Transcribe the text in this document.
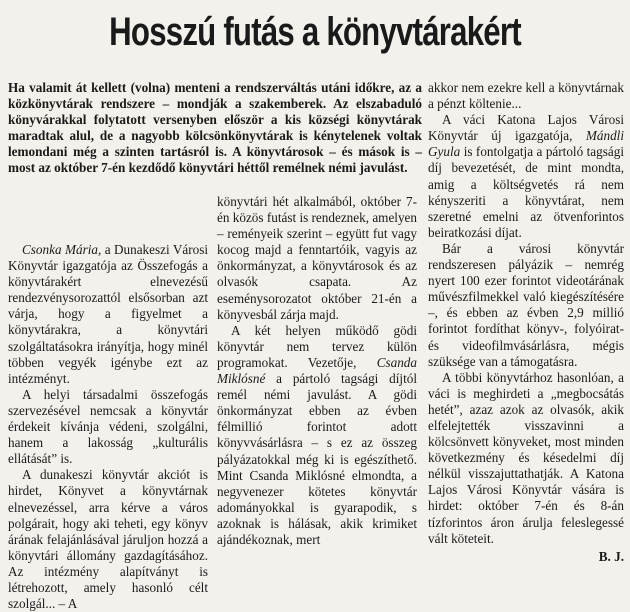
Hosszú futás a könyvtárakért
Ha valamit át kellett (volna) menteni a rendszerváltás utáni időkre, az a közkönyvtárak rendszere – mondják a szakemberek. Az elszabaduló könyvárakkal folytatott versenyben először a kis községi könyvtárak maradtak alul, de a nagyobb kölcsönkönyvtárak is kénytelenek voltak lemondani még a szinten tartásról is. A könyvtárosok – és mások is – most az október 7-én kezdődő könyvtári héttől remélnek némi javulást.

Csonka Mária, a Dunakeszi Városi Könyvtár igazgatója az Összefogás a könyvtárakért elnevezésű rendezvénysorozattól elsősorban azt várja, hogy a figyelmet a könyvtárakra, a könyvtári szolgáltatásokra irányítja, hogy minél többen vegyék igénybe ezt az intézményt.

A helyi társadalmi összefogás szervezésével nemcsak a könyvtár érdekeit kívánja védeni, szolgálni, hanem a lakosság „kulturális ellátását” is.

A dunakeszi könyvtár akciót is hirdet, Könyvet a könyvtárnak elnevezéssel, arra kérve a város polgárait, hogy aki teheti, egy könyv árának felajánlásával járuljon hozzá a könyvtári állomány gazdagításához. Az intézmény alapítványt is létrehozott, amely hasonló célt szolgál... – A

könyvtári hét alkalmából, október 7-én közös futást is rendeznek, amelyen – reményeik szerint – együtt fut vagy kocog majd a fenntartóik, vagyis az önkormányzat, a könyvtárosok és az olvasók csapata. Az eseménysorozatot október 21-én a könyvesbál zárja majd.

A két helyen működő gödi könyvtár nem tervez külön programokat. Vezetője, Csanda Miklósné a pártoló tagsági díjtól remél némi javulást. A gödi önkormányzat ebben az évben félmillió forintot adott könyvvásárlásra – s ez az összeg pályázatokkal még ki is egészíthető. Mint Csanda Miklósné elmondta, a negyvenezer kötetes könyvtár adományokkal is gyarapodik, s azoknak is hálásak, akik krimiket ajándékoznak, mert

akkor nem ezekre kell a könyvtárnak a pénzt költenie...

A váci Katona Lajos Városi Könyvtár új igazgatója, Mándli Gyula is fontolgatja a pártoló tagsági díj bevezetését, de mint mondta, amig a költségvetés rá nem kényszeriti a könyvtárat, nem szeretné emelni az ötvenforintos beiratkozási díjat.

Bár a városi könyvtár rendszeresen pályázik – nemrég nyert 100 ezer forintot videotárának művészfilmekkel való kiegészítésére –, és ebben az évben 2,9 millió forintot fordíthat könyv-, folyóirat- és videofilmvásárlásra, mégis szüksége van a támogatásra.

A többi könyvtárhoz hasonlóan, a váci is meghirdeti a „megbocsátás hetét”, azaz azok az olvasók, akik elfelejtették visszavinni a kölcsönvett könyveket, most minden következmény és késedelmi díj nélkül visszajuttathatják. A Katona Lajos Városi Könyvtár vására is hirdet: október 7-én és 8-án tízforintos áron árulja feleslegessé vált köteteit.

B. J.
